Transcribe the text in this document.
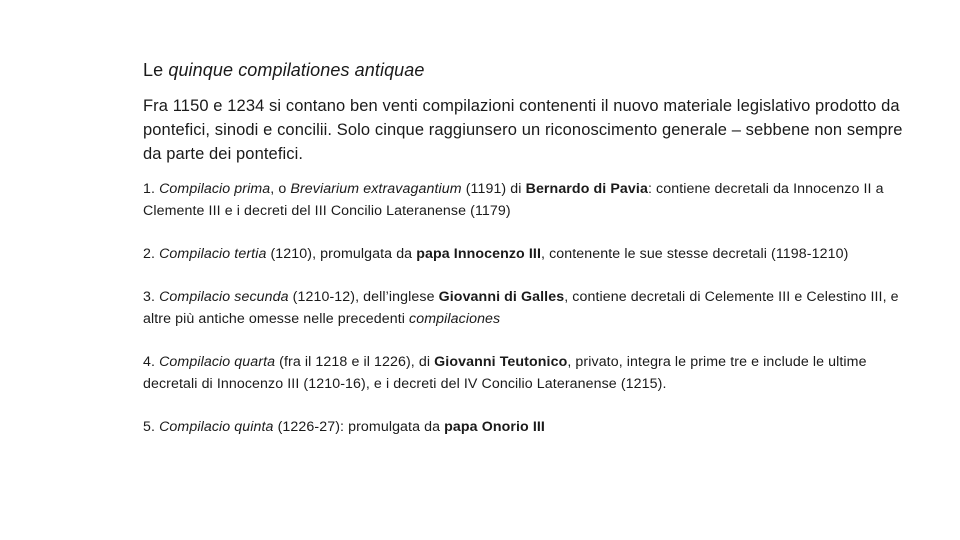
Le quinque compilationes antiquae

Fra 1150 e 1234 si contano ben venti compilazioni contenenti il nuovo materiale legislativo prodotto da pontefici, sinodi e concilii. Solo cinque raggiunsero un riconoscimento generale – sebbene non sempre da parte dei pontefici.

1. Compilacio prima, o Breviarium extravagantium (1191) di Bernardo di Pavia: contiene decretali da Innocenzo II a Clemente III e i decreti del III Concilio Lateranense (1179)

2. Compilacio tertia (1210), promulgata da papa Innocenzo III, contenente le sue stesse decretali (1198-1210)

3. Compilacio secunda (1210-12), dell’inglese Giovanni di Galles, contiene decretali di Celemente III e Celestino III, e altre più antiche omesse nelle precedenti compilaciones

4. Compilacio quarta (fra il 1218 e il 1226), di Giovanni Teutonico, privato, integra le prime tre e include le ultime decretali di Innocenzo III (1210-16), e i decreti del IV Concilio Lateranense (1215).

5. Compilacio quinta (1226-27): promulgata da papa Onorio III
